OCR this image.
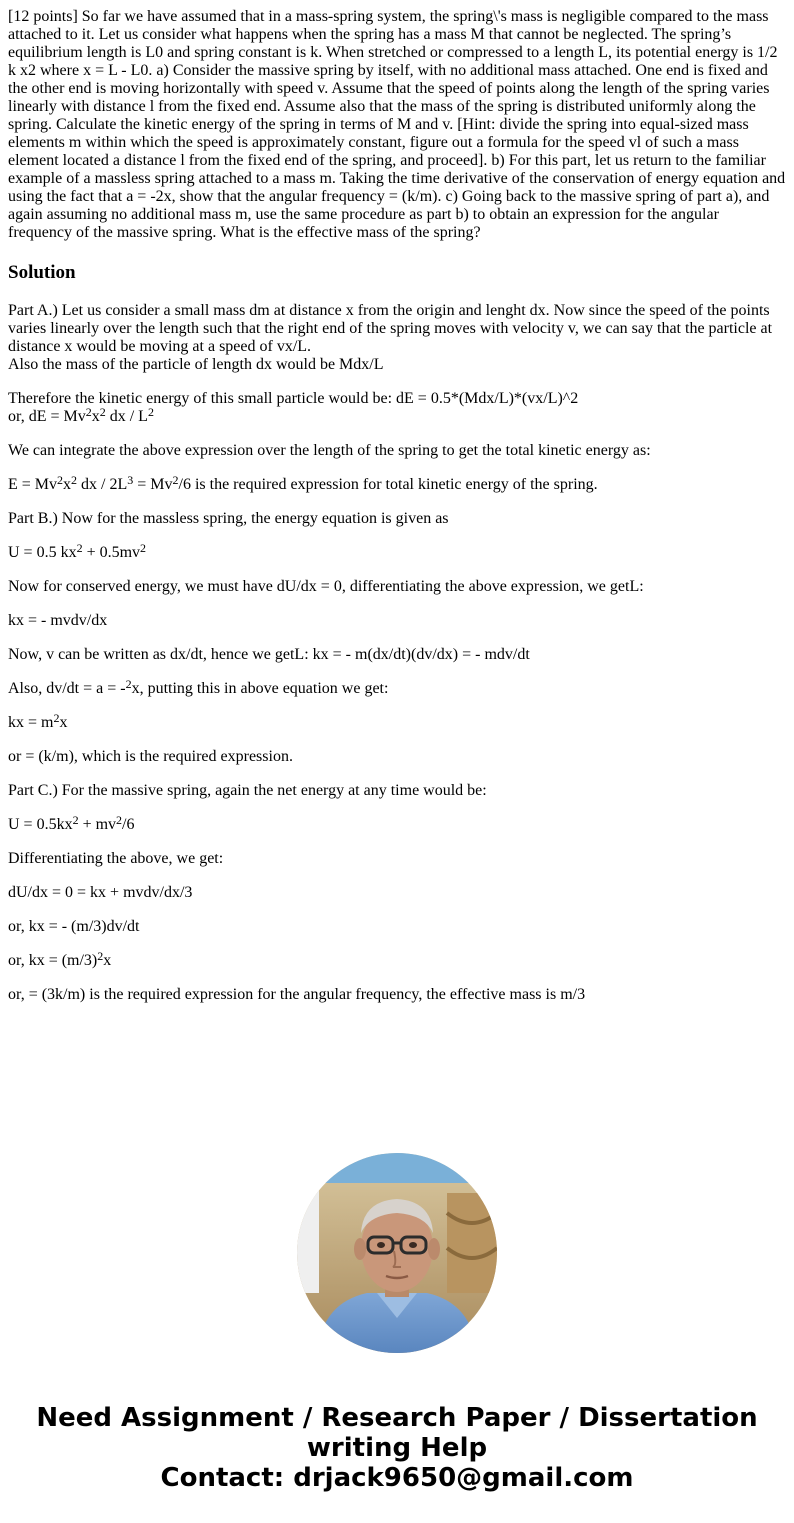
[12 points] So far we have assumed that in a mass-spring system, the spring\'s mass is negligible compared to the mass attached to it. Let us consider what happens when the spring has a mass M that cannot be neglected. The spring’s equilibrium length is L0 and spring constant is k. When stretched or compressed to a length L, its potential energy is 1/2 k x2 where x = L - L0. a) Consider the massive spring by itself, with no additional mass attached. One end is fixed and the other end is moving horizontally with speed v. Assume that the speed of points along the length of the spring varies linearly with distance l from the fixed end. Assume also that the mass of the spring is distributed uniformly along the spring. Calculate the kinetic energy of the spring in terms of M and v. [Hint: divide the spring into equal-sized mass elements m within which the speed is approximately constant, figure out a formula for the speed vl of such a mass element located a distance l from the fixed end of the spring, and proceed]. b) For this part, let us return to the familiar example of a massless spring attached to a mass m. Taking the time derivative of the conservation of energy equation and using the fact that a = -2x, show that the angular frequency = (k/m). c) Going back to the massive spring of part a), and again assuming no additional mass m, use the same procedure as part b) to obtain an expression for the angular frequency of the massive spring. What is the effective mass of the spring?

Solution

Part A.) Let us consider a small mass dm at distance x from the origin and lenght dx. Now since the speed of the points varies linearly over the length such that the right end of the spring moves with velocity v, we can say that the particle at distance x would be moving at a speed of vx/L.
Also the mass of the particle of length dx would be Mdx/L

Therefore the kinetic energy of this small particle would be: dE = 0.5*(Mdx/L)*(vx/L)^2
or, dE = $Mv^2x^2$ dx / $L^2$

We can integrate the above expression over the length of the spring to get the total kinetic energy as:

$E = Mv^2x^2$ dx / $2L^3 = Mv^2/6$ is the required expression for total kinetic energy of the spring.

Part B.) Now for the massless spring, the energy equation is given as

U = 0.5 $kx^2 + 0.5mv^2$

Now for conserved energy, we must have dU/dx = 0, differentiating the above expression, we getL:

kx = - mvdv/dx

Now, v can be written as dx/dt, hence we getL: kx = - m(dx/dt)(dv/dx) = - mdv/dt

Also, dv/dt = a = -$^2$x, putting this in above equation we get:

kx = $m^2x$

or = (k/m), which is the required expression.

Part C.) For the massive spring, again the net energy at any time would be:

$U = 0.5kx^2 + mv^2/6$

Differentiating the above, we get:

dU/dx = 0 = kx + mvdv/dx/3

or, kx = - (m/3)dv/dt

or, kx = $(m/3)^2x$

or, = (3k/m) is the required expression for the angular frequency, the effective mass is m/3

Need Assignment / Research Paper / Dissertation
writing Help
Contact: drjack9650@gmail.com
